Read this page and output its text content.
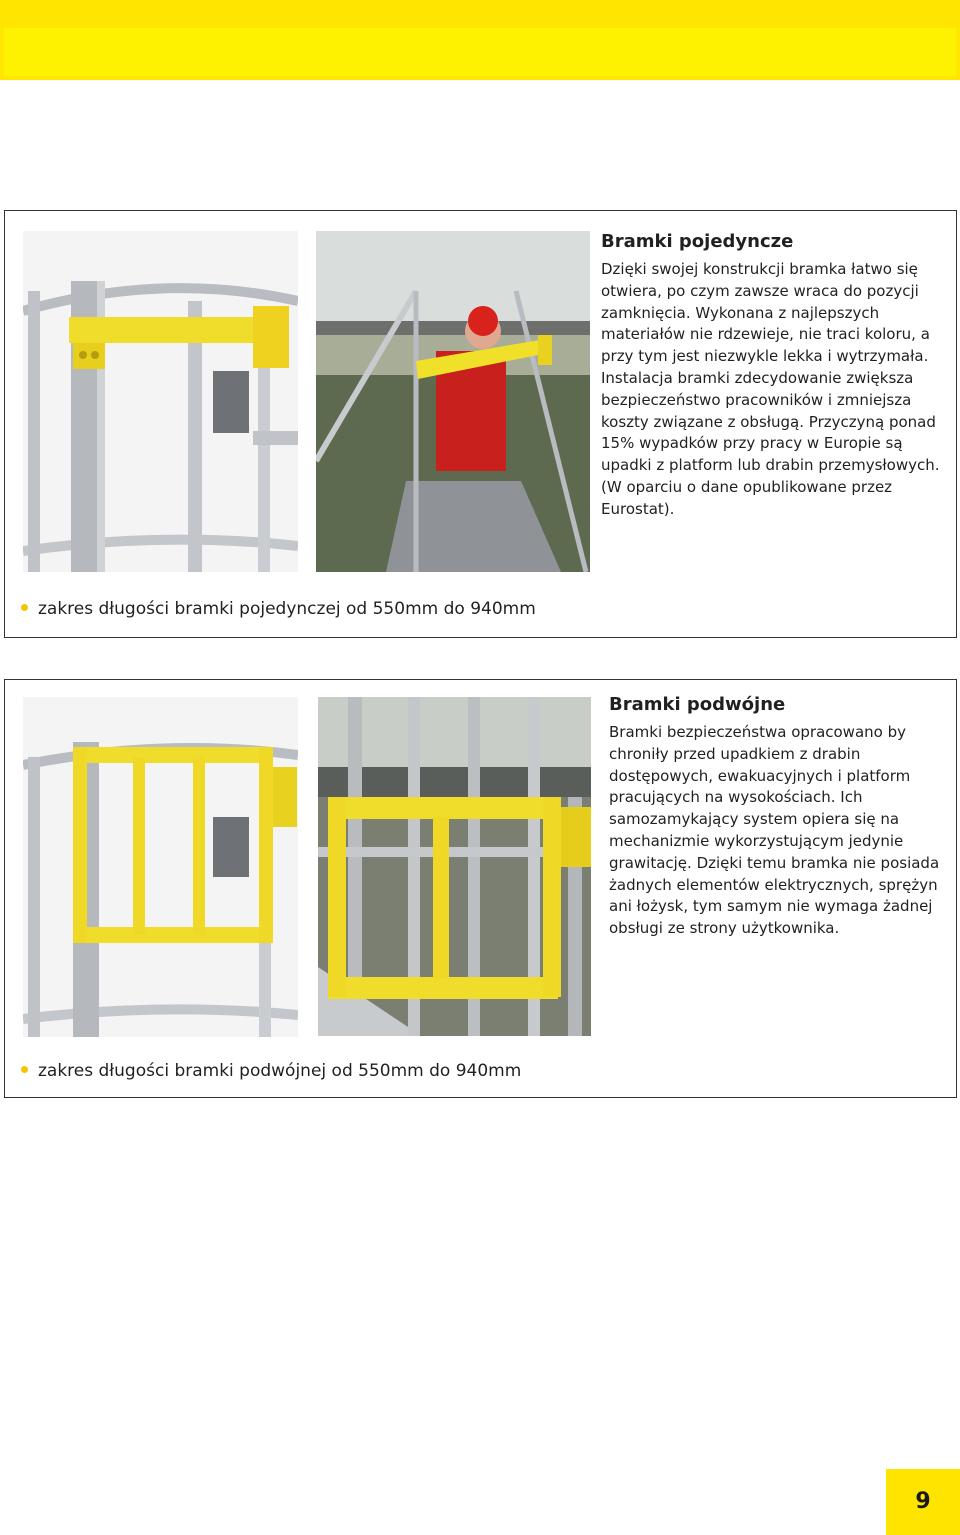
Bramki pojedyncze

Dzięki swojej konstrukcji bramka łatwo się otwiera, po czym zawsze wraca do pozycji zamknięcia. Wykonana z najlepszych materiałów nie rdzewieje, nie traci koloru, a przy tym jest niezwykle lekka i wytrzymała. Instalacja bramki zdecydowanie zwiększa bezpieczeństwo pracowników i zmniejsza koszty związane z obsługą. Przyczyną ponad 15% wypadków przy pracy w Europie są upadki z platform lub drabin przemysłowych. (W oparciu o dane opublikowane przez Eurostat).

zakres długości bramki pojedynczej od 550mm do 940mm
Bramki podwójne

Bramki bezpieczeństwa opracowano by chroniły przed upadkiem z drabin dostępowych, ewakuacyjnych i platform pracujących na wysokościach. Ich samozamykający system opiera się na mechanizmie wykorzystującym jedynie grawitację. Dzięki temu bramka nie posiada żadnych elementów elektrycznych, sprężyn ani łożysk, tym samym nie wymaga żadnej obsługi ze strony użytkownika.

zakres długości bramki podwójnej od 550mm do 940mm
9
